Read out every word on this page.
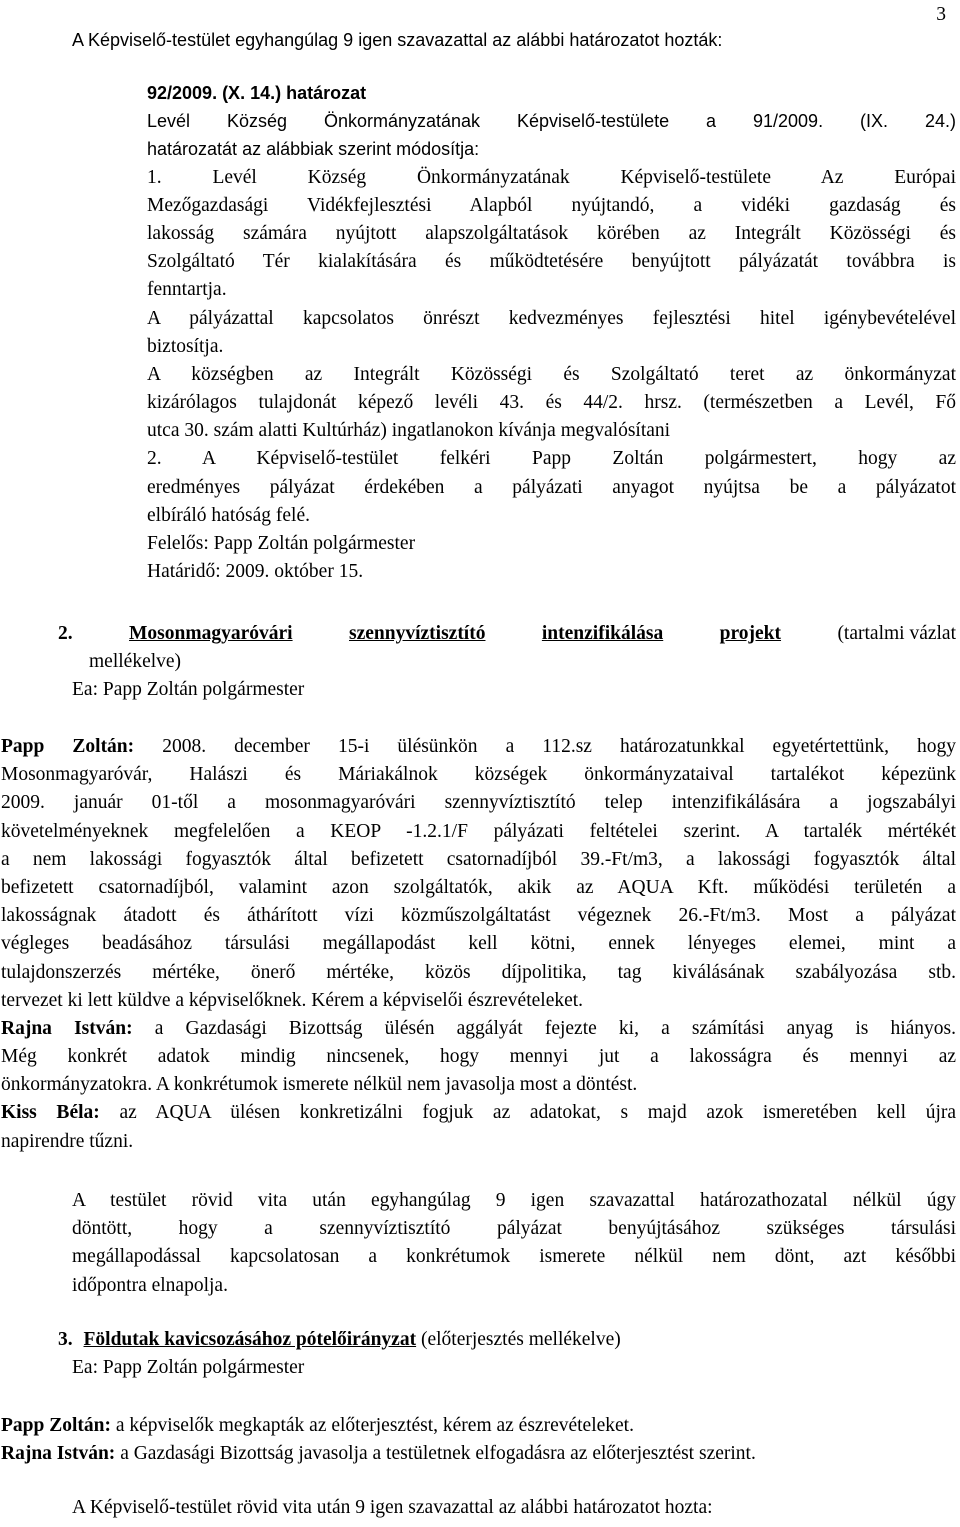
3
A Képviselő-testület egyhangúlag 9 igen szavazattal az alábbi határozatot hozták:
92/2009. (X. 14.) határozat
Levél Község Önkormányzatának Képviselő-testülete a 91/2009. (IX. 24.)
határozatát az alábbiak szerint módosítja:
1. Levél Község Önkormányzatának Képviselő-testülete Az Európai
Mezőgazdasági Vidékfejlesztési Alapból nyújtandó, a vidéki gazdaság és
lakosság számára nyújtott alapszolgáltatások körében az Integrált Közösségi és
Szolgáltató Tér kialakítására és működtetésére benyújtott pályázatát továbbra is
fenntartja.
A pályázattal kapcsolatos önrészt kedvezményes fejlesztési hitel igénybevételével
biztosítja.
A községben az Integrált Közösségi és Szolgáltató teret az önkormányzat
kizárólagos tulajdonát képező levéli 43. és 44/2. hrsz. (természetben a Levél, Fő
utca 30. szám alatti Kultúrház) ingatlanokon kívánja megvalósítani
2. A Képviselő-testület felkéri Papp Zoltán polgármestert, hogy az
eredményes pályázat érdekében a pályázati anyagot nyújtsa be a pályázatot
elbíráló hatóság felé.
Felelős: Papp Zoltán polgármester
Határidő: 2009. október 15.
2.	Mosonmagyaróvári	szennyvíztisztító	intenzifikálása	projekt	(tartalmi vázlat
mellékelve)
Ea: Papp Zoltán polgármester
Papp Zoltán: 2008. december 15-i ülésünkön a 112.sz határozatunkkal egyetértettünk, hogy
Mosonmagyaróvár, Halászi és Máriakálnok községek önkormányzataival tartalékot képezünk
2009. január 01-től a mosonmagyaróvári szennyvíztisztító telep intenzifikálására a jogszabályi
követelményeknek megfelelően a KEOP -1.2.1/F pályázati feltételei szerint. A tartalék mértékét
a nem lakossági fogyasztók által befizetett csatornadíjból 39.-Ft/m3, a lakossági fogyasztók által
befizetett csatornadíjból, valamint azon szolgáltatók, akik az AQUA Kft. működési területén a
lakosságnak átadott és áthárított vízi közműszolgáltatást végeznek 26.-Ft/m3. Most a pályázat
végleges beadásához társulási megállapodást kell kötni, ennek lényeges elemei, mint a
tulajdonszerzés mértéke, önerő mértéke, közös díjpolitika, tag kiválásának szabályozása stb.
tervezet ki lett küldve a képviselőknek. Kérem a képviselői észrevételeket.
Rajna István: a Gazdasági Bizottság ülésén aggályát fejezte ki, a számítási anyag is hiányos.
Még konkrét adatok mindig nincsenek, hogy mennyi jut a lakosságra és mennyi az
önkormányzatokra. A konkrétumok ismerete nélkül nem javasolja most a döntést.
Kiss Béla: az AQUA ülésen konkretizálni fogjuk az adatokat, s majd azok ismeretében kell újra
napirendre tűzni.
A testület rövid vita után egyhangúlag 9 igen szavazattal határozathozatal nélkül úgy
döntött, hogy a szennyvíztisztító pályázat benyújtásához szükséges társulási
megállapodással kapcsolatosan a konkrétumok ismerete nélkül nem dönt, azt későbbi
időpontra elnapolja.
3. Földutak kavicsozásához pótelőirányzat (előterjesztés mellékelve)
Ea: Papp Zoltán polgármester
Papp Zoltán: a képviselők megkapták az előterjesztést, kérem az észrevételeket.
Rajna István: a Gazdasági Bizottság javasolja a testületnek elfogadásra az előterjesztést szerint.
A Képviselő-testület rövid vita után 9 igen szavazattal az alábbi határozatot hozta:
